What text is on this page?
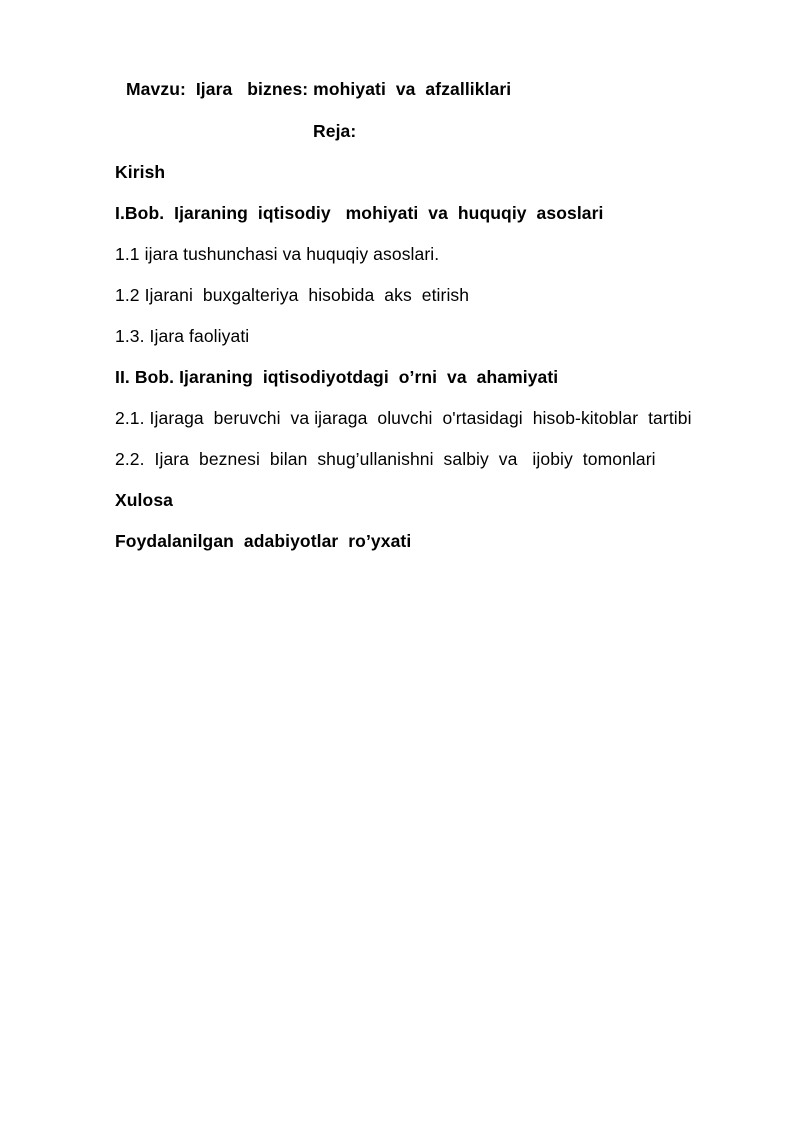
Mavzu:  Ijara   biznes: mohiyati  va  afzalliklari
Reja:
Kirish
I.Bob.  Ijaraning  iqtisodiy   mohiyati  va  huquqiy  asoslari
1.1 ijara tushunchasi va huquqiy asoslari.
1.2 Ijarani  buxgalteriya  hisobida  aks  etirish
1.3. Ijara faoliyati
II. Bob. Ijaraning  iqtisodiyotdagi  o’rni  va  ahamiyati
2.1. Ijaraga  beruvchi  va ijaraga  oluvchi  o'rtasidagi  hisob-kitoblar  tartibi
2.2.  Ijara  beznesi  bilan  shug’ullanishni  salbiy  va   ijobiy  tomonlari
Xulosa
Foydalanilgan  adabiyotlar  ro’yxati
